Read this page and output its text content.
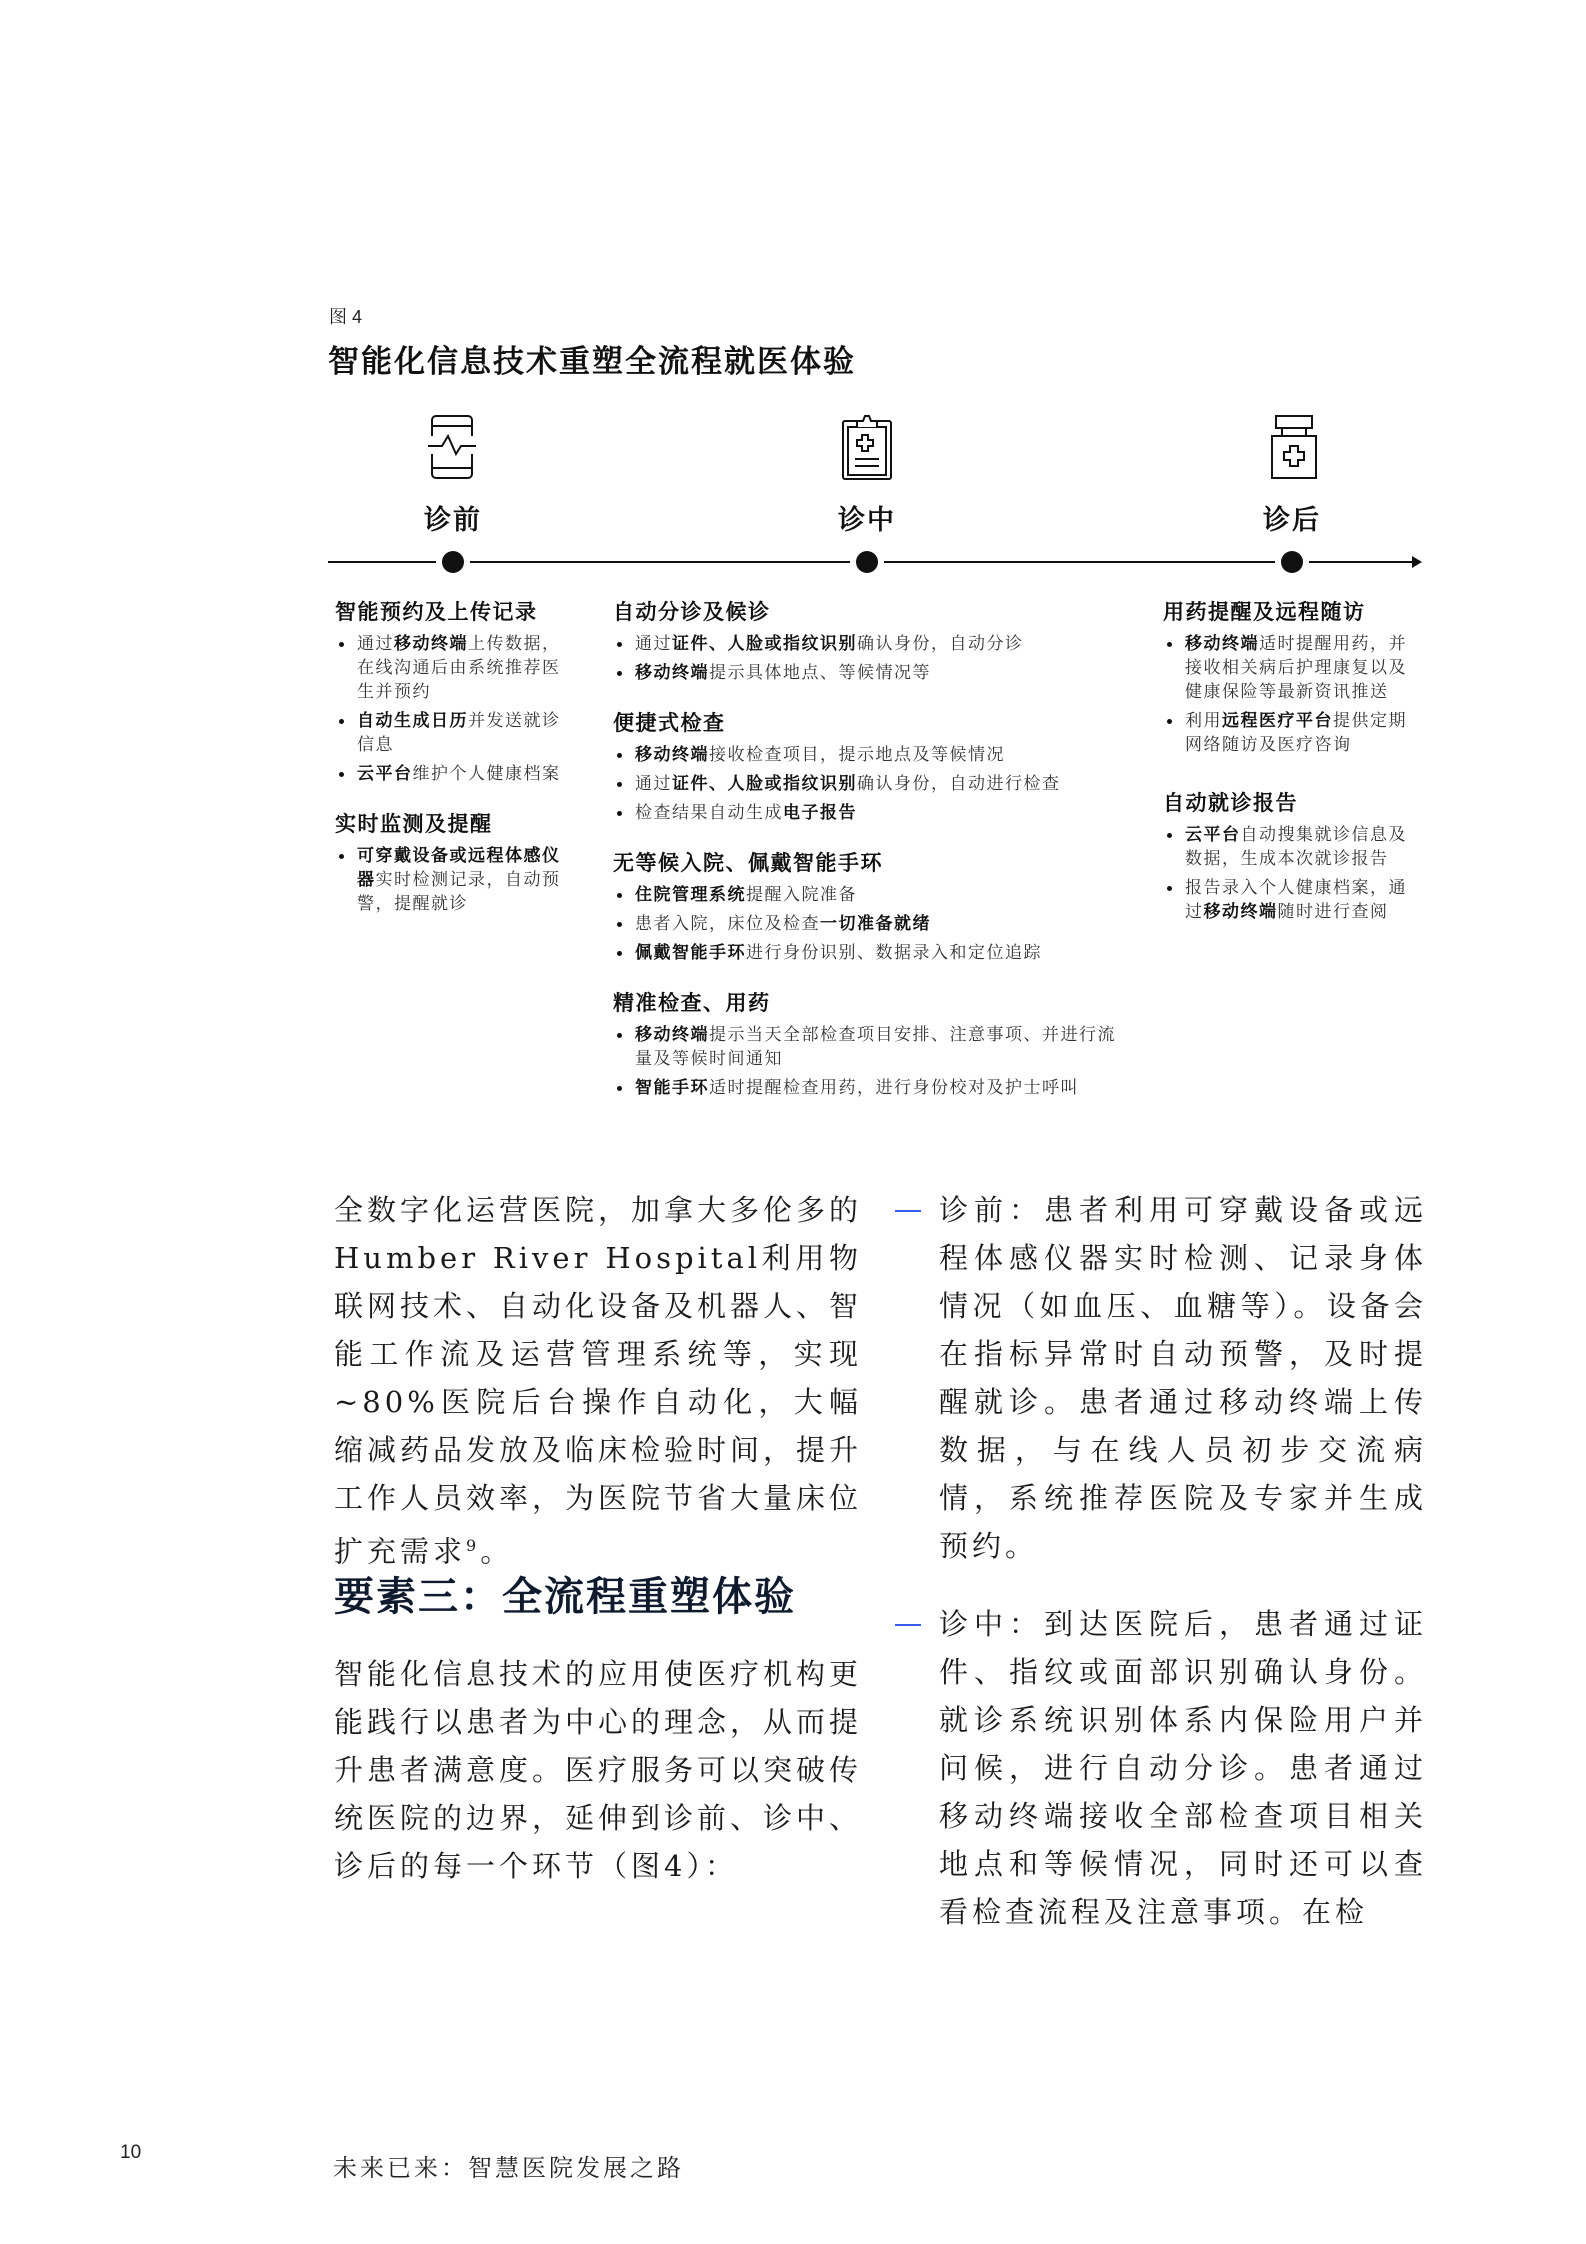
图 4
智能化信息技术重塑全流程就医体验
诊前	诊中	诊后
智能预约及上传记录
通过移动终端上传数据，在线沟通后由系统推荐医生并预约
自动生成日历并发送就诊信息
云平台维护个人健康档案
实时监测及提醒
可穿戴设备或远程体感仪器实时检测记录，自动预警，提醒就诊
自动分诊及候诊
通过证件、人脸或指纹识别确认身份，自动分诊
移动终端提示具体地点、等候情况等
便捷式检查
移动终端接收检查项目，提示地点及等候情况
通过证件、人脸或指纹识别确认身份，自动进行检查
检查结果自动生成电子报告
无等候入院、佩戴智能手环
住院管理系统提醒入院准备
患者入院，床位及检查一切准备就绪
佩戴智能手环进行身份识别、数据录入和定位追踪
精准检查、用药
移动终端提示当天全部检查项目安排、注意事项、并进行流量及等候时间通知
智能手环适时提醒检查用药，进行身份校对及护士呼叫
用药提醒及远程随访
移动终端适时提醒用药，并接收相关病后护理康复以及健康保险等最新资讯推送
利用远程医疗平台提供定期网络随访及医疗咨询
自动就诊报告
云平台自动搜集就诊信息及数据，生成本次就诊报告
报告录入个人健康档案，通过移动终端随时进行查阅
全数字化运营医院，加拿大多伦多的Humber River Hospital利用物联网技术、自动化设备及机器人、智能工作流及运营管理系统等，实现~80%医院后台操作自动化，大幅缩减药品发放及临床检验时间，提升工作人员效率，为医院节省大量床位扩充需求$^9$。
要素三：全流程重塑体验
智能化信息技术的应用使医疗机构更能践行以患者为中心的理念，从而提升患者满意度。医疗服务可以突破传统医院的边界，延伸到诊前、诊中、诊后的每一个环节（图4）：
诊前：患者利用可穿戴设备或远程体感仪器实时检测、记录身体情况（如血压、血糖等）。设备会在指标异常时自动预警，及时提醒就诊。患者通过移动终端上传数据，与在线人员初步交流病情，系统推荐医院及专家并生成预约。
诊中：到达医院后，患者通过证件、指纹或面部识别确认身份。就诊系统识别体系内保险用户并问候，进行自动分诊。患者通过移动终端接收全部检查项目相关地点和等候情况，同时还可以查看检查流程及注意事项。在检
10
未来已来：智慧医院发展之路
